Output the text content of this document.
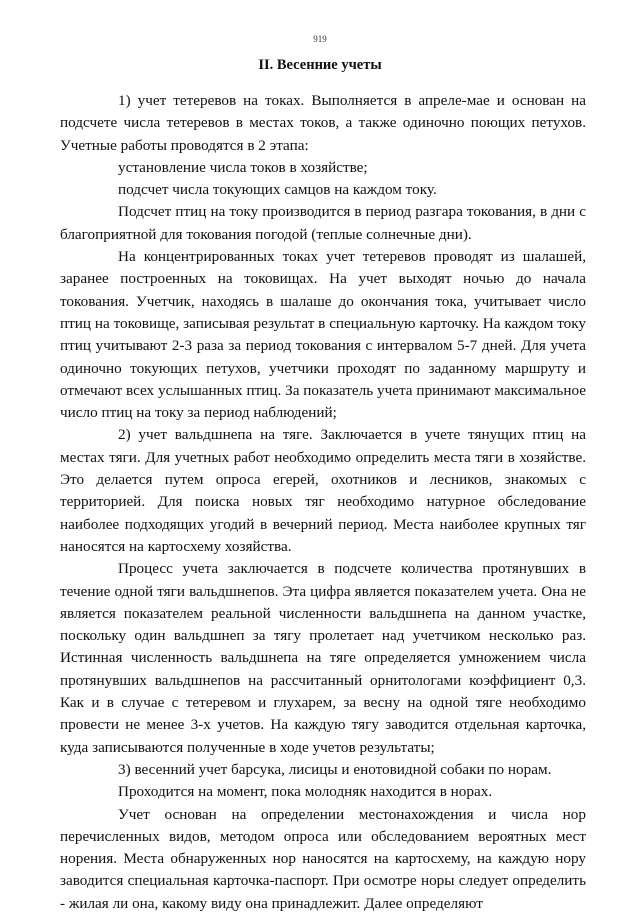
919
II. Весенние учеты

1) учет тетеревов на токах. Выполняется в апреле-мае и основан на подсчете числа тетеревов в местах токов, а также одиночно поющих петухов. Учетные работы проводятся в 2 этапа:

установление числа токов в хозяйстве;

подсчет числа токующих самцов на каждом току.

Подсчет птиц на току производится в период разгара токования, в дни с благоприятной для токования погодой (теплые солнечные дни).

На концентрированных токах учет тетеревов проводят из шалашей, заранее построенных на токовищах. На учет выходят ночью до начала токования. Учетчик, находясь в шалаше до окончания тока, учитывает число птиц на токовище, записывая результат в специальную карточку. На каждом току птиц учитывают 2-3 раза за период токования с интервалом 5-7 дней. Для учета одиночно токующих петухов, учетчики проходят по заданному маршруту и отмечают всех услышанных птиц. За показатель учета принимают максимальное число птиц на току за период наблюдений;

2) учет вальдшнепа на тяге. Заключается в учете тянущих птиц на местах тяги. Для учетных работ необходимо определить места тяги в хозяйстве. Это делается путем опроса егерей, охотников и лесников, знакомых с территорией. Для поиска новых тяг необходимо натурное обследование наиболее подходящих угодий в вечерний период. Места наиболее крупных тяг наносятся на картосхему хозяйства.

Процесс учета заключается в подсчете количества протянувших в течение одной тяги вальдшнепов. Эта цифра является показателем учета. Она не является показателем реальной численности вальдшнепа на данном участке, поскольку один вальдшнеп за тягу пролетает над учетчиком несколько раз. Истинная численность вальдшнепа на тяге определяется умножением числа протянувших вальдшнепов на рассчитанный орнитологами коэффициент 0,3. Как и в случае с тетеревом и глухарем, за весну на одной тяге необходимо провести не менее 3-х учетов. На каждую тягу заводится отдельная карточка, куда записываются полученные в ходе учетов результаты;

3) весенний учет барсука, лисицы и енотовидной собаки по норам.

Проходится на момент, пока молодняк находится в норах.

Учет основан на определении местонахождения и числа нор перечисленных видов, методом опроса или обследованием вероятных мест норения. Места обнаруженных нор наносятся на картосхему, на каждую нору заводится специальная карточка-паспорт. При осмотре норы следует определить - жилая ли она, какому виду она принадлежит. Далее определяют
